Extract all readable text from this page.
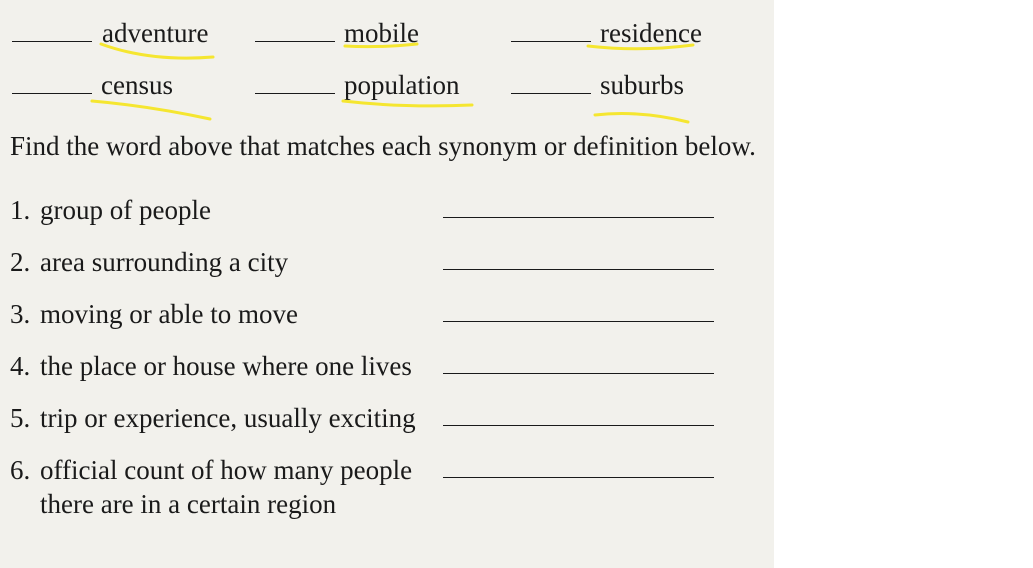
adventure	mobile	residence
census	population	suburbs
Find the word above that matches each synonym or definition below.
1. group of people
2. area surrounding a city
3. moving or able to move
4. the place or house where one lives
5. trip or experience, usually exciting
6. official count of how many people
there are in a certain region
